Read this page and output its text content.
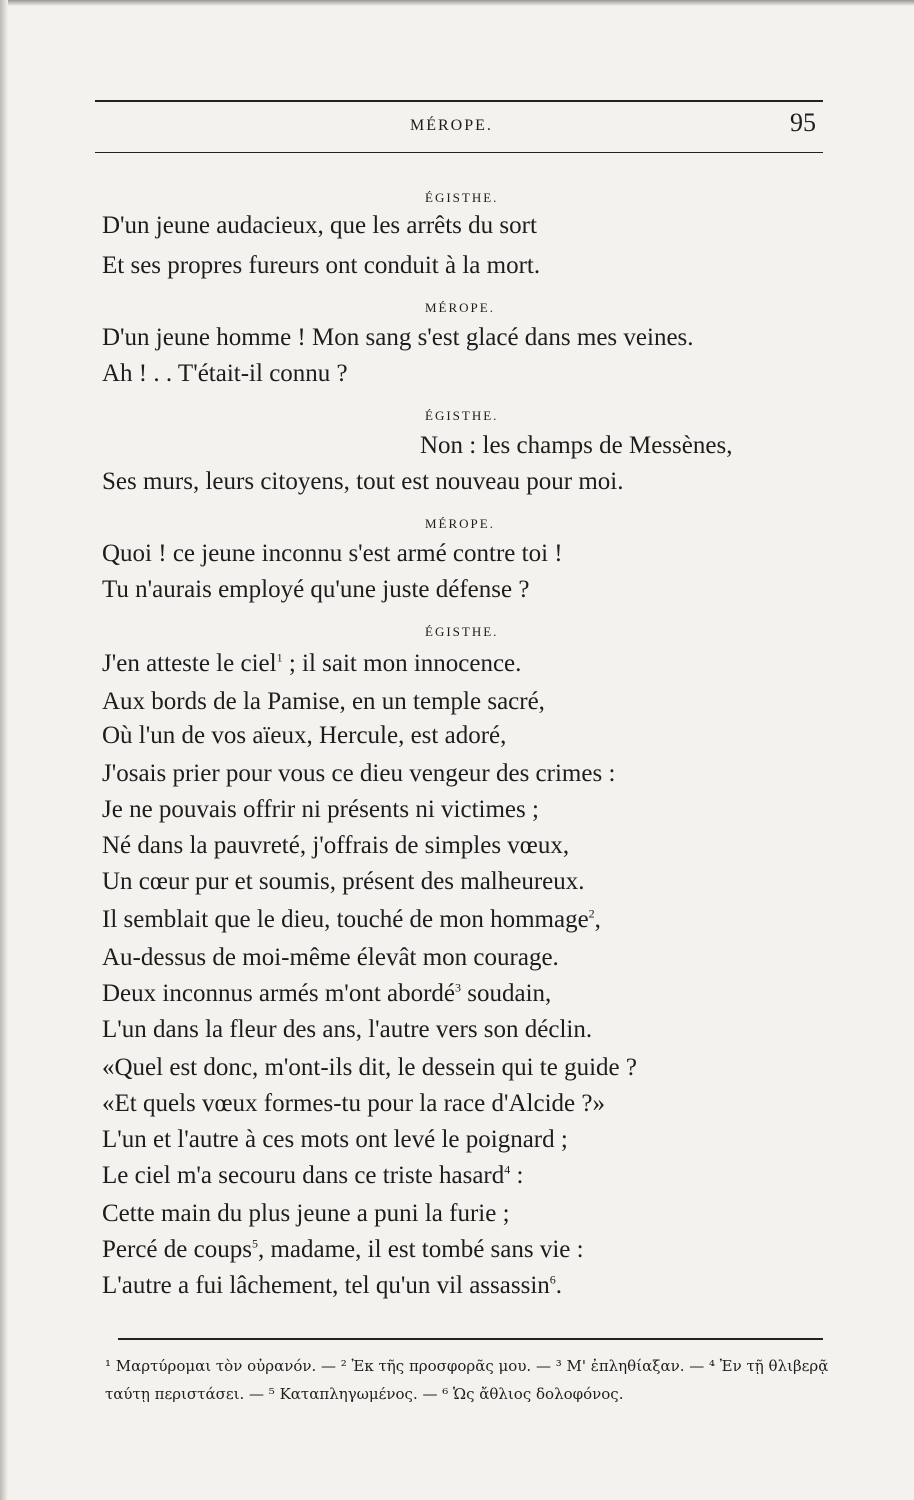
MÉROPE.	95
ÉGISTHE.
D'un jeune audacieux, que les arrêts du sort
Et ses propres fureurs ont conduit à la mort.
MÉROPE.
D'un jeune homme ! Mon sang s'est glacé dans mes veines.
Ah ! . . T'était-il connu ?
ÉGISTHE.
Non : les champs de Messènes,
Ses murs, leurs citoyens, tout est nouveau pour moi.
MÉROPE.
Quoi ! ce jeune inconnu s'est armé contre toi !
Tu n'aurais employé qu'une juste défense ?
ÉGISTHE.
J'en atteste le ciel$^1$ ; il sait mon innocence.
Aux bords de la Pamise, en un temple sacré,
Où l'un de vos aïeux, Hercule, est adoré,
J'osais prier pour vous ce dieu vengeur des crimes :
Je ne pouvais offrir ni présents ni victimes ;
Né dans la pauvreté, j'offrais de simples vœux,
Un cœur pur et soumis, présent des malheureux.
Il semblait que le dieu, touché de mon hommage$^2$,
Au-dessus de moi-même élevât mon courage.
Deux inconnus armés m'ont abordé$^3$ soudain,
L'un dans la fleur des ans, l'autre vers son déclin.
«Quel est donc, m'ont-ils dit, le dessein qui te guide ?
«Et quels vœux formes-tu pour la race d'Alcide ?»
L'un et l'autre à ces mots ont levé le poignard ;
Le ciel m'a secouru dans ce triste hasard$^4$ :
Cette main du plus jeune a puni la furie ;
Percé de coups$^5$, madame, il est tombé sans vie :
L'autre a fui lâchement, tel qu'un vil assassin$^6$.
¹ Μαρτύρομαι τὸν οὐρανόν. — ² Ἐκ τῆς προσφορᾶς μου. — ³ Μ' ἐπληθίαξαν. — ⁴ Ἐν τῇ θλιβερᾷ ταύτῃ περιστάσει. — ⁵ Καταπληγωμένος. — ⁶ Ὡς ἄθλιος δολοφόνος.
